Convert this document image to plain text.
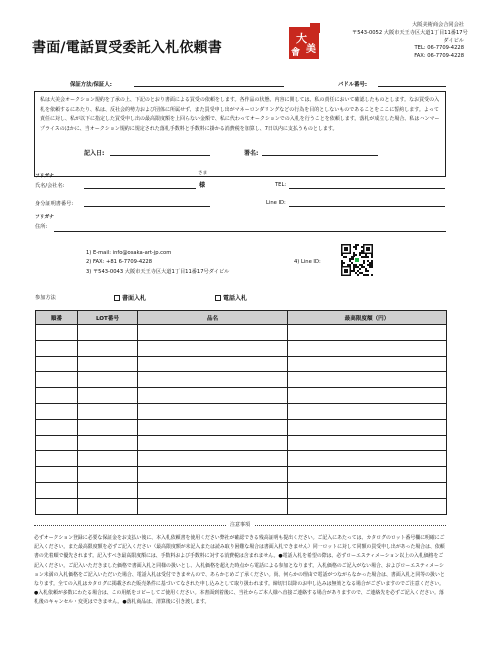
書面/電話買受委託入札依頼書
大
美
會
大阪美術商会合同会社
〒543-0052 大阪市天王寺区大道1丁目11番17号
ダイビル
TEL: 06-7709-4228
FAX: 06-7709-4228
保証方法/保証人:	パドル番号:
私は大美会オークション規約を了承の上、下記のとおり書面による買受の依頼をします。各作品の状態、内容に関しては、私の責任において確認したものとします。なお買受の入札を依頼するにあたり、私は、反社会的勢力および団体に所属せず、また買受申し出がマネーロンダリングなどの行為を目的としないものであることをここに誓約します。よって責任に対し、私が以下に指定した買受申し出の最高限度額を上回らない金額で、私に代わってオークションでの入札を行うことを依頼します。落札が成立した場合、私はハンマープライスのほかに、当オークション規約に規定された落札手数料と手数料に掛かる消費税を加算し、7日以内に支払うものとします。
記入日:	署名:
フリガナ
さま
氏名/会社名:	様	TEL:
身分証明書番号:	Line ID:
フリガナ
住所:
1) E-mail: info@osaka-art-jp.com
2) FAX: +81 6-7709-4228
3) 〒543-0043 大阪市天王寺区大道1丁目11番17号ダイビル
4) Line ID:
参加方法	書面入札	電話入札
順番	LOT番号	品名	最高限度額（円）

注意事項
必ずオークション登録に必要な保証金をお支払い後に、本入札依頼書を使用ください弊社が確認できる残高証明も提出ください。ご記入にあたっては、カタログのロット番号欄に明確にご記入ください。また最高限度額を必ずご記入ください（最高限度額が未記入または読み取り困難な場合は書面入札できません）同一ロットに対して同額の買受申し出があった場合は、依頼書の先着順で優先されます。記入すべき最高限度額には、手数料および手数料に対する消費税は含まれません。●電話入札を希望の際は、必ずローエスティメーション以上の入札価格をご記入ください。ご記入いただきました価格で書面入札と同様の扱いとし、入札価格を超えた時点から電話による参加となります。入札価格のご記入がない場合、およびローエスティメーション未満の入札価格をご記入いただいた場合、電話入札は受付できませんので、あらかじめご了承ください。尚、何らかの理由で電話がつながらなかった場合は、書面入札と同等の扱いとなります。全ての入札はカタログに掲載された販売条件に基づいてなされた申し込みとして取り扱われます。締切日以降のお申し込みは無効となる場合がございますのでご注意ください。●入札依頼が多数にわたる場合は、この用紙をコピーしてご使用ください。本書面到着後に、当社からご本人様へ直接ご連絡する場合がありますので、ご連絡先を必ずご記入ください。落札後のキャンセル・変更はできません。●落札商品は、清算後に引き渡します。
